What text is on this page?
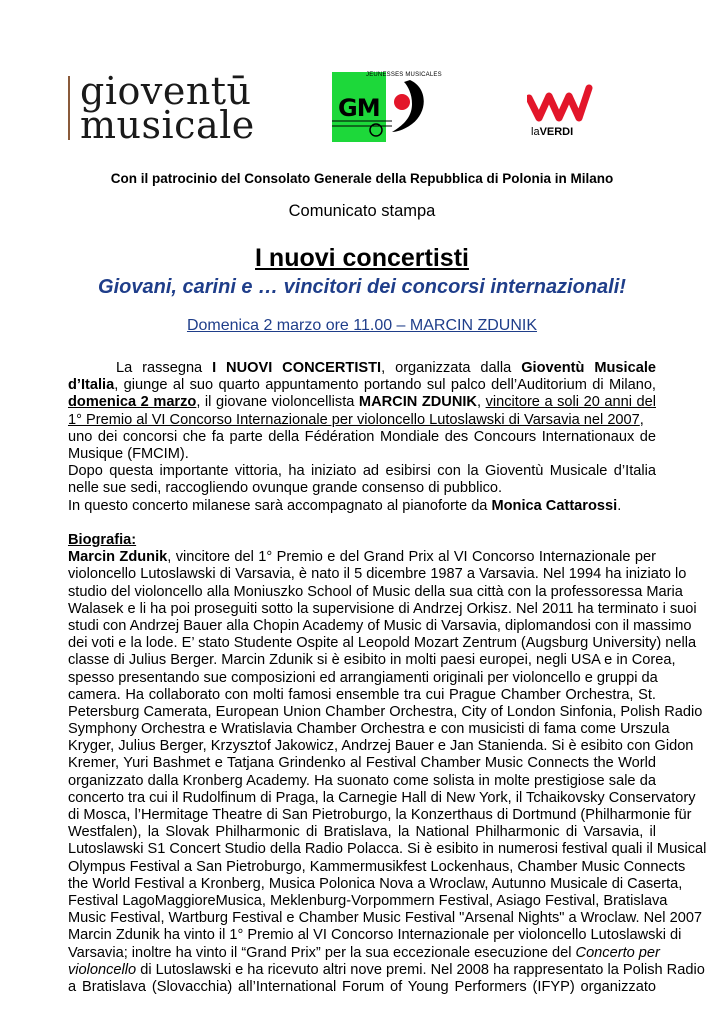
gioventū
musicale
JEUNESSES MUSICALES
GM
laVERDI
Con il patrocinio del Consolato Generale della Repubblica di Polonia in Milano
Comunicato stampa
I nuovi concertisti
Giovani, carini e … vincitori dei concorsi internazionali!
Domenica 2 marzo ore 11.00 – MARCIN ZDUNIK
La rassegna I NUOVI CONCERTISTI, organizzata dalla Gioventù Musicale
d’Italia, giunge al suo quarto appuntamento portando sul palco dell’Auditorium di Milano,
domenica 2 marzo, il giovane violoncellista MARCIN ZDUNIK, vincitore a soli 20 anni del
1° Premio al VI Concorso Internazionale per violoncello Lutoslawski di Varsavia nel 2007,
uno dei concorsi che fa parte della Fédération Mondiale des Concours Internationaux de
Musique (FMCIM).
Dopo questa importante vittoria, ha iniziato ad esibirsi con la Gioventù Musicale d’Italia
nelle sue sedi, raccogliendo ovunque grande consenso di pubblico.
In questo concerto milanese sarà accompagnato al pianoforte da Monica Cattarossi.
Biografia:
Marcin Zdunik, vincitore del 1° Premio e del Grand Prix al VI Concorso Internazionale per
violoncello Lutoslawski di Varsavia, è nato il 5 dicembre 1987 a Varsavia. Nel 1994 ha iniziato lo
studio del violoncello alla Moniuszko School of Music della sua città con la professoressa Maria
Walasek e li ha poi proseguiti sotto la supervisione di Andrzej Orkisz. Nel 2011 ha terminato i suoi
studi con Andrzej Bauer alla Chopin Academy of Music di Varsavia, diplomandosi con il massimo
dei voti e la lode. E’ stato Studente Ospite al Leopold Mozart Zentrum (Augsburg University) nella
classe di Julius Berger. Marcin Zdunik si è esibito in molti paesi europei, negli USA e in Corea,
spesso presentando sue composizioni ed arrangiamenti originali per violoncello e gruppi da
camera. Ha collaborato con molti famosi ensemble tra cui Prague Chamber Orchestra, St.
Petersburg Camerata, European Union Chamber Orchestra, City of London Sinfonia, Polish Radio
Symphony Orchestra e Wratislavia Chamber Orchestra e con musicisti di fama come Urszula
Kryger, Julius Berger, Krzysztof Jakowicz, Andrzej Bauer e Jan Stanienda. Si è esibito con Gidon
Kremer, Yuri Bashmet e Tatjana Grindenko al Festival Chamber Music Connects the World
organizzato dalla Kronberg Academy. Ha suonato come solista in molte prestigiose sale da
concerto tra cui il Rudolfinum di Praga, la Carnegie Hall di New York, il Tchaikovsky Conservatory
di Mosca, l’Hermitage Theatre di San Pietroburgo, la Konzerthaus di Dortmund (Philharmonie für
Westfalen), la Slovak Philharmonic di Bratislava, la National Philharmonic di Varsavia, il
Lutoslawski S1 Concert Studio della Radio Polacca. Si è esibito in numerosi festival quali il Musical
Olympus Festival a San Pietroburgo, Kammermusikfest Lockenhaus, Chamber Music Connects
the World Festival a Kronberg, Musica Polonica Nova a Wroclaw, Autunno Musicale di Caserta,
Festival LagoMaggioreMusica, Meklenburg-Vorpommern Festival, Asiago Festival, Bratislava
Music Festival, Wartburg Festival e Chamber Music Festival "Arsenal Nights" a Wroclaw. Nel 2007
Marcin Zdunik ha vinto il 1° Premio al VI Concorso Internazionale per violoncello Lutoslawski di
Varsavia; inoltre ha vinto il “Grand Prix” per la sua eccezionale esecuzione del Concerto per
violoncello di Lutoslawski e ha ricevuto altri nove premi. Nel 2008 ha rappresentato la Polish Radio
a Bratislava (Slovacchia) all’International Forum of Young Performers (IFYP) organizzato
